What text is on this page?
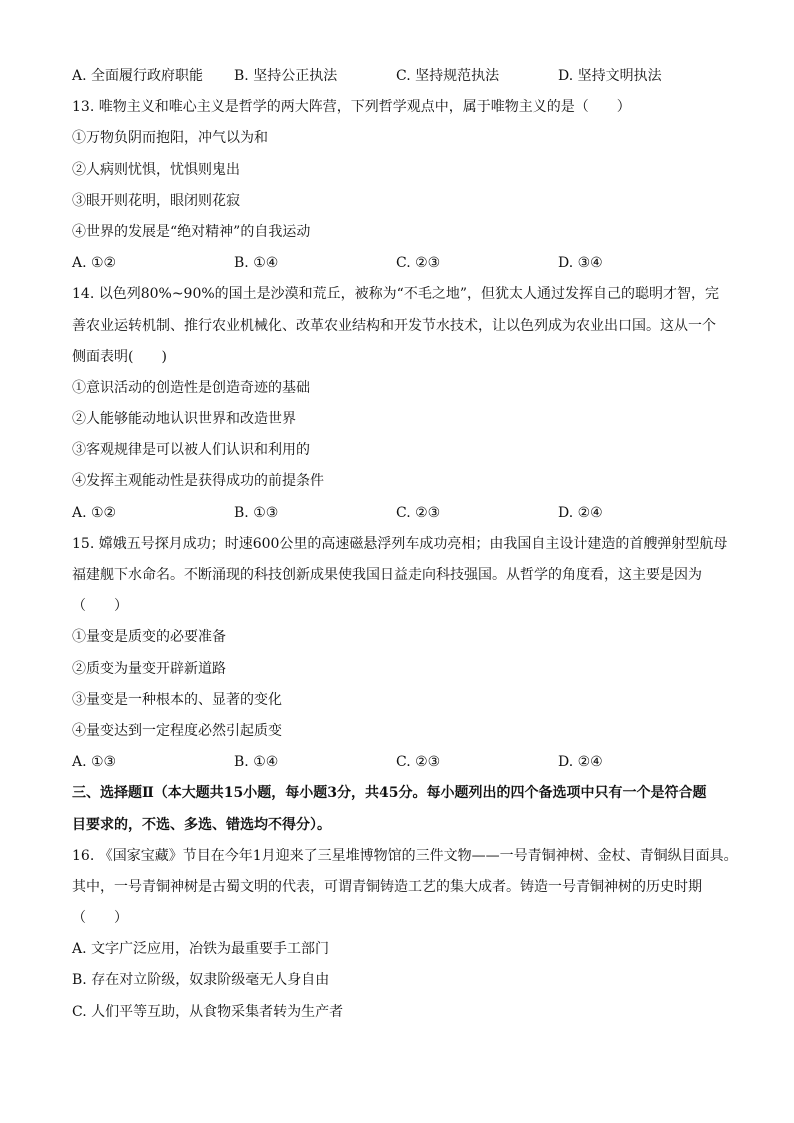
A. 全面履行政府职能	B. 坚持公正执法	C. 坚持规范执法	D. 坚持文明执法
13. 唯物主义和唯心主义是哲学的两大阵营，下列哲学观点中，属于唯物主义的是（　　）
①万物负阴而抱阳，冲气以为和
②人病则忧惧，忧惧则鬼出
③眼开则花明，眼闭则花寂
④世界的发展是“绝对精神”的自我运动
A. ①②	B. ①④	C. ②③	D. ③④
14. 以色列80%~90%的国土是沙漠和荒丘，被称为“不毛之地”，但犹太人通过发挥自己的聪明才智，完
善农业运转机制、推行农业机械化、改革农业结构和开发节水技术，让以色列成为农业出口国。这从一个
侧面表明(　　)
①意识活动的创造性是创造奇迹的基础
②人能够能动地认识世界和改造世界
③客观规律是可以被人们认识和利用的
④发挥主观能动性是获得成功的前提条件
A. ①②	B. ①③	C. ②③	D. ②④
15. 嫦娥五号探月成功；时速600公里的高速磁悬浮列车成功亮相；由我国自主设计建造的首艘弹射型航母
福建舰下水命名。不断涌现的科技创新成果使我国日益走向科技强国。从哲学的角度看，这主要是因为
（　　）
①量变是质变的必要准备
②质变为量变开辟新道路
③量变是一种根本的、显著的变化
④量变达到一定程度必然引起质变
A. ①③	B. ①④	C. ②③	D. ②④
三、选择题Ⅱ（本大题共15小题，每小题3分，共45分。每小题列出的四个备选项中只有一个是符合题
目要求的，不选、多选、错选均不得分）。
16. 《国家宝藏》节目在今年1月迎来了三星堆博物馆的三件文物——一号青铜神树、金杖、青铜纵目面具。
其中，一号青铜神树是古蜀文明的代表，可谓青铜铸造工艺的集大成者。铸造一号青铜神树的历史时期
（　　）
A. 文字广泛应用，冶铁为最重要手工部门
B. 存在对立阶级，奴隶阶级毫无人身自由
C. 人们平等互助，从食物采集者转为生产者
